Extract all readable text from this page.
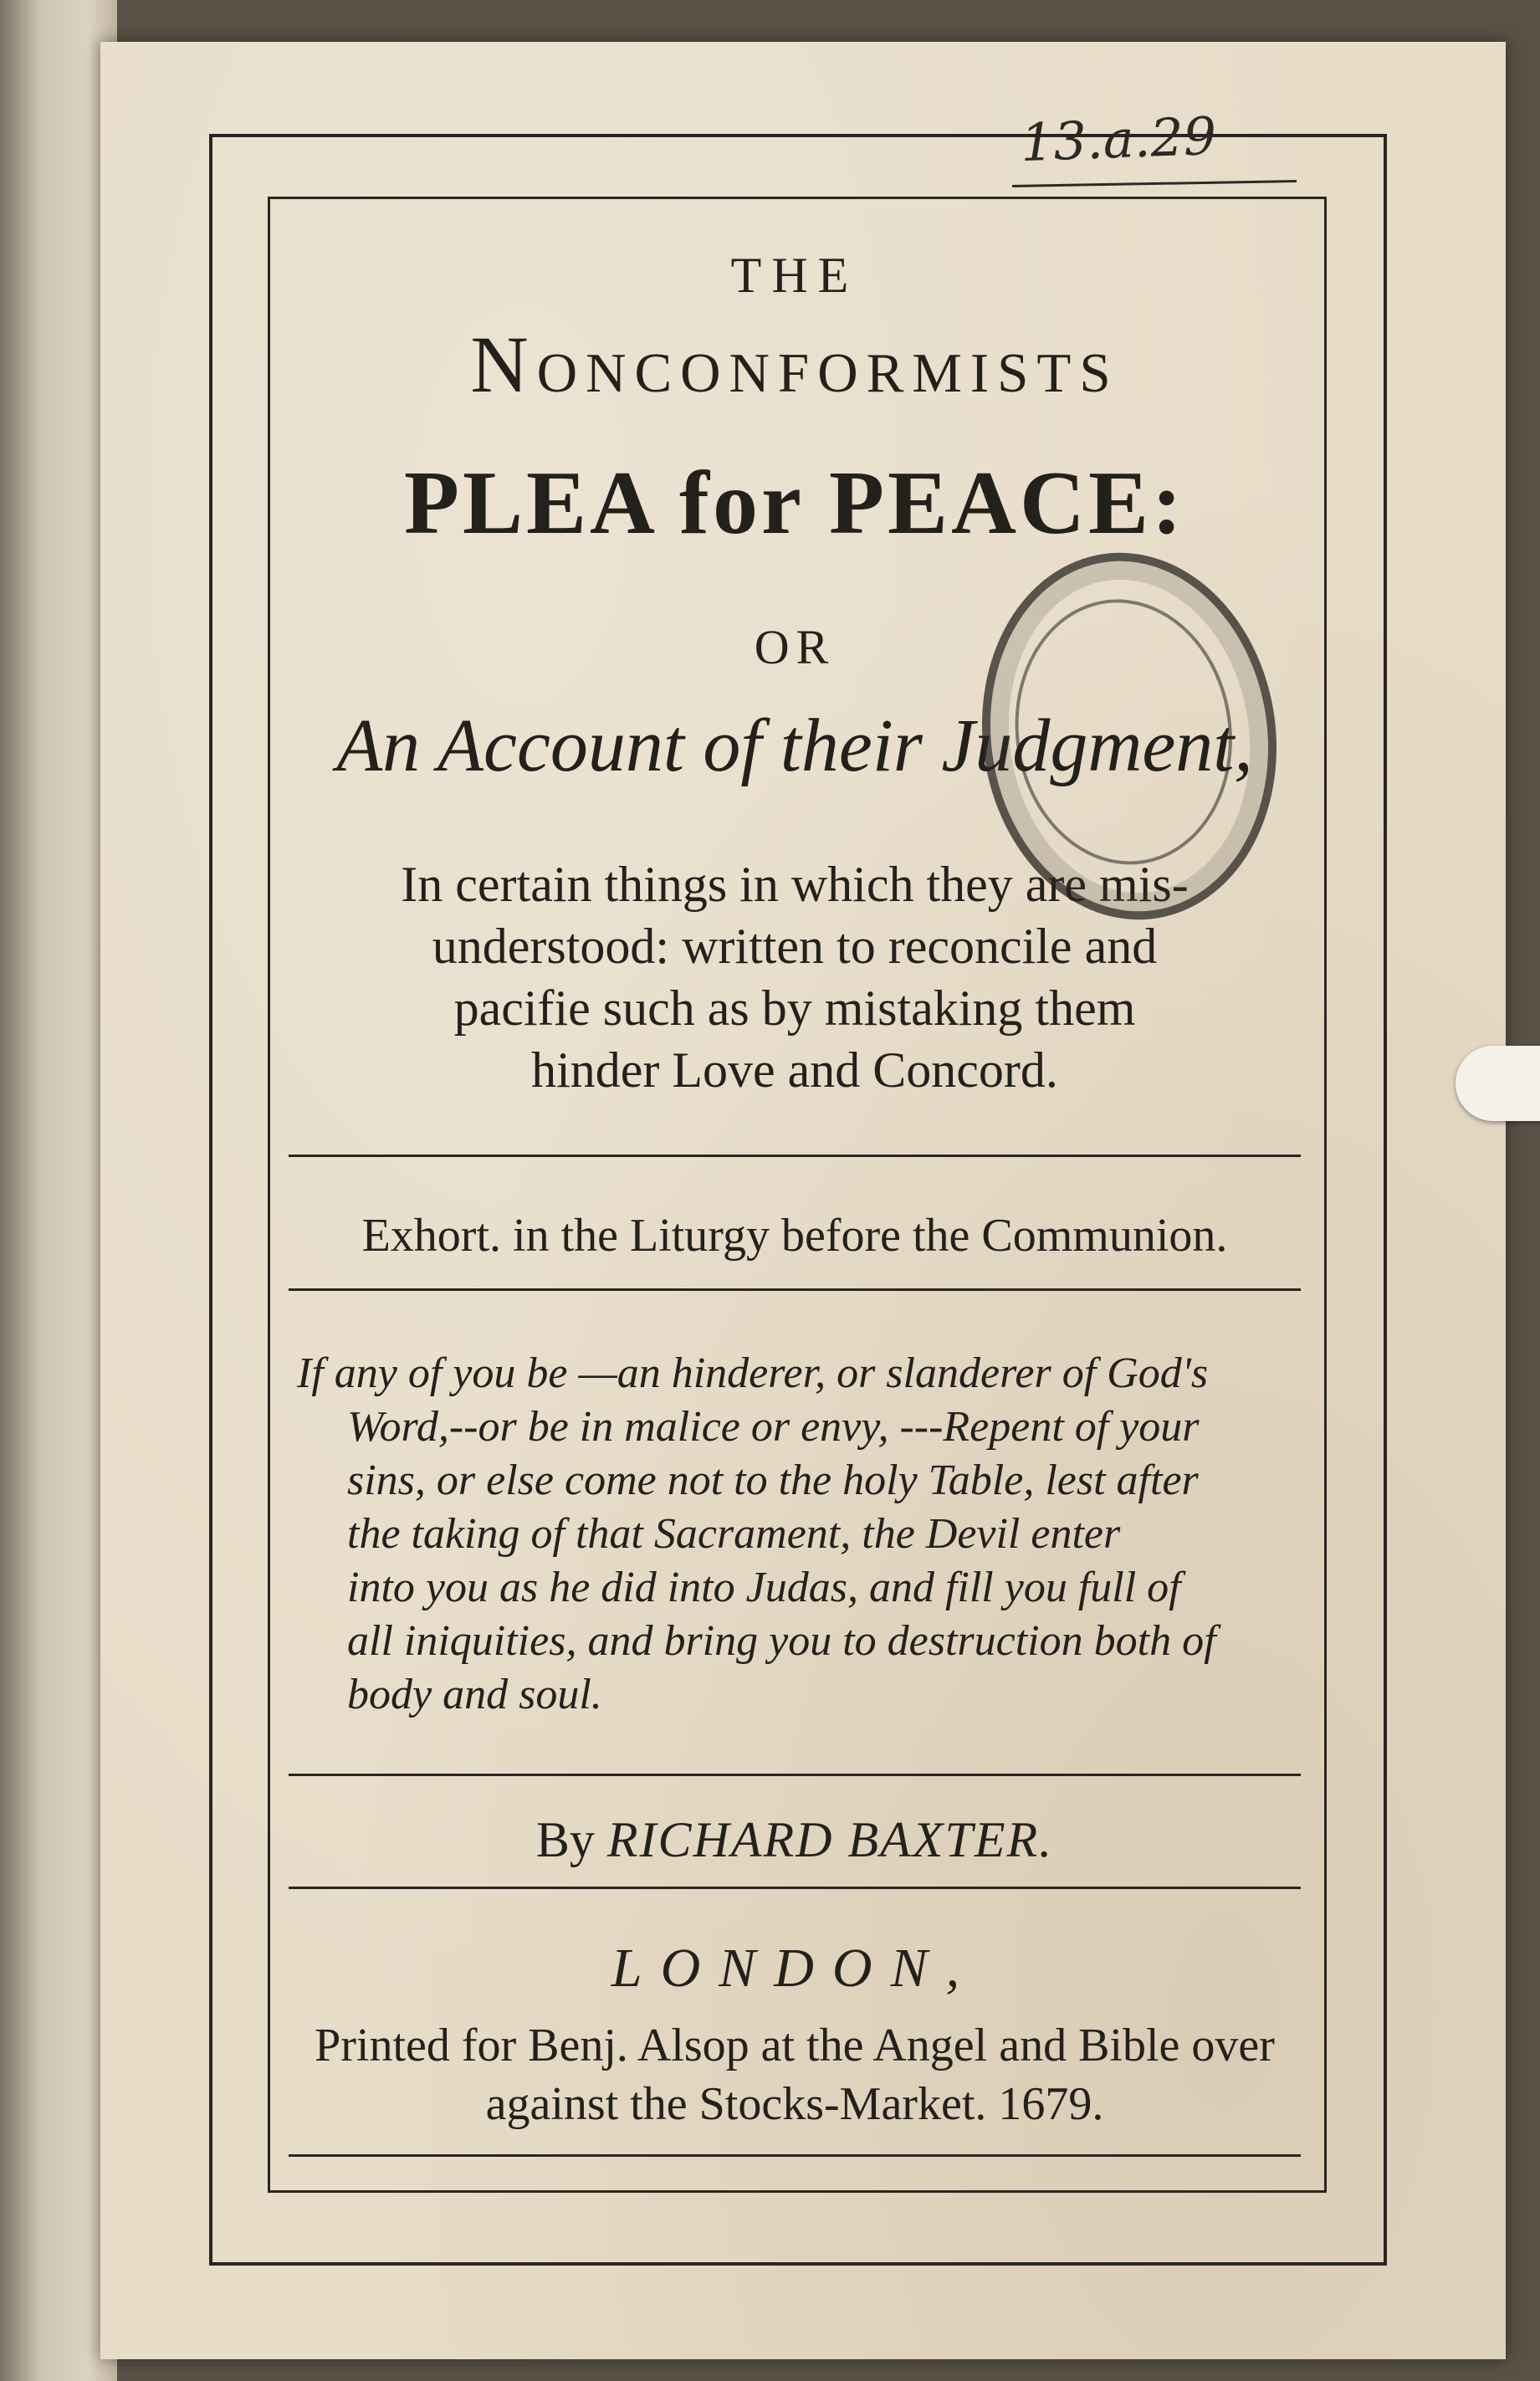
13.a.29

THE

Nonconformists

PLEA for PEACE:

OR

An Account of their Judgment,

In certain things in which they are mis-
understood: written to reconcile and
pacifie such as by mistaking them
hinder Love and Concord.

Exhort. in the Liturgy before the Communion.

If any of you be —an hinderer, or slanderer of God's
Word,--or be in malice or envy, ---Repent of your
sins, or else come not to the holy Table, lest after
the taking of that Sacrament, the Devil enter
into you as he did into Judas, and fill you full of
all iniquities, and bring you to destruction both of
body and soul.

By RICHARD BAXTER.

LONDON,

Printed for Benj. Alsop at the Angel and Bible over
against the Stocks-Market. 1679.
